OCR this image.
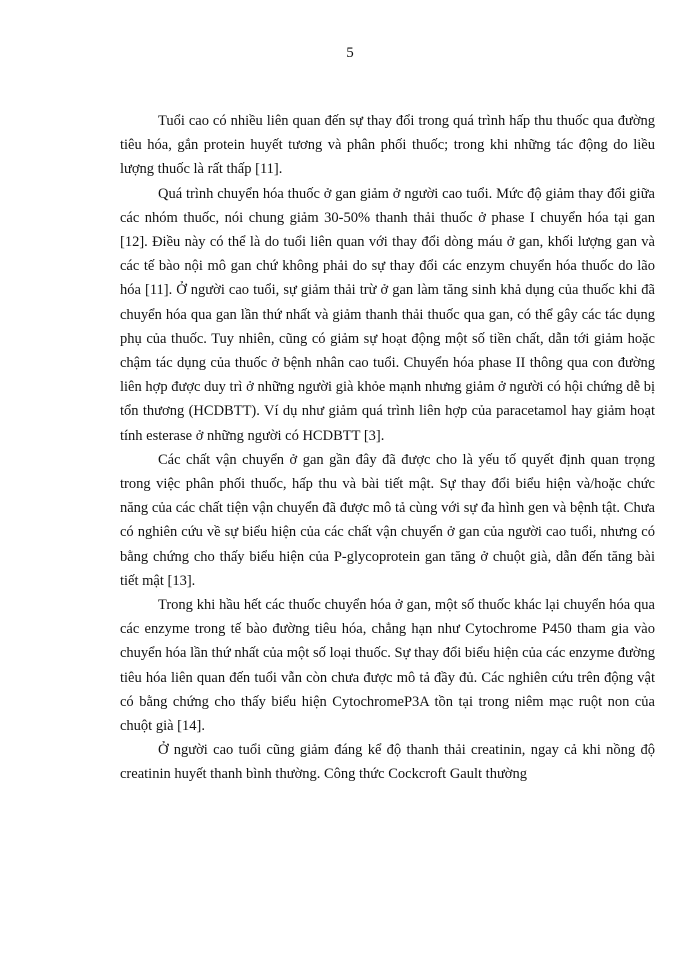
5

Tuổi cao có nhiều liên quan đến sự thay đổi trong quá trình hấp thu thuốc qua đường tiêu hóa, gắn protein huyết tương và phân phối thuốc; trong khi những tác động do liều lượng thuốc là rất thấp [11].

Quá trình chuyển hóa thuốc ở gan giảm ở người cao tuổi. Mức độ giảm thay đổi giữa các nhóm thuốc, nói chung giảm 30-50% thanh thải thuốc ở phase I chuyển hóa tại gan [12]. Điều này có thể là do tuổi liên quan với thay đổi dòng máu ở gan, khối lượng gan và các tế bào nội mô gan chứ không phải do sự thay đổi các enzym chuyển hóa thuốc do lão hóa [11]. Ở người cao tuổi, sự giảm thải trừ ở gan làm tăng sinh khả dụng của thuốc khi đã chuyển hóa qua gan lần thứ nhất và giảm thanh thải thuốc qua gan, có thể gây các tác dụng phụ của thuốc. Tuy nhiên, cũng có giảm sự hoạt động một số tiền chất, dẫn tới giảm hoặc chậm tác dụng của thuốc ở bệnh nhân cao tuổi. Chuyển hóa phase II thông qua con đường liên hợp được duy trì ở những người già khỏe mạnh nhưng giảm ở người có hội chứng dễ bị tổn thương (HCDBTT). Ví dụ như giảm quá trình liên hợp của paracetamol hay giảm hoạt tính esterase ở những người có HCDBTT [3].

Các chất vận chuyển ở gan gần đây đã được cho là yếu tố quyết định quan trọng trong việc phân phối thuốc, hấp thu và bài tiết mật. Sự thay đổi biểu hiện và/hoặc chức năng của các chất tiện vận chuyển đã được mô tả cùng với sự đa hình gen và bệnh tật. Chưa có nghiên cứu về sự biểu hiện của các chất vận chuyển ở gan của người cao tuổi, nhưng có bằng chứng cho thấy biểu hiện của P-glycoprotein gan tăng ở chuột già, dẫn đến tăng bài tiết mật [13].

Trong khi hầu hết các thuốc chuyển hóa ở gan, một số thuốc khác lại chuyển hóa qua các enzyme trong tế bào đường tiêu hóa, chẳng hạn như Cytochrome P450 tham gia vào chuyển hóa lần thứ nhất của một số loại thuốc. Sự thay đổi biểu hiện của các enzyme đường tiêu hóa liên quan đến tuổi vẫn còn chưa được mô tả đầy đủ. Các nghiên cứu trên động vật có bằng chứng cho thấy biểu hiện CytochromeP3A tồn tại trong niêm mạc ruột non của chuột già [14].

Ở người cao tuổi cũng giảm đáng kể độ thanh thải creatinin, ngay cả khi nồng độ creatinin huyết thanh bình thường. Công thức Cockcroft Gault thường
